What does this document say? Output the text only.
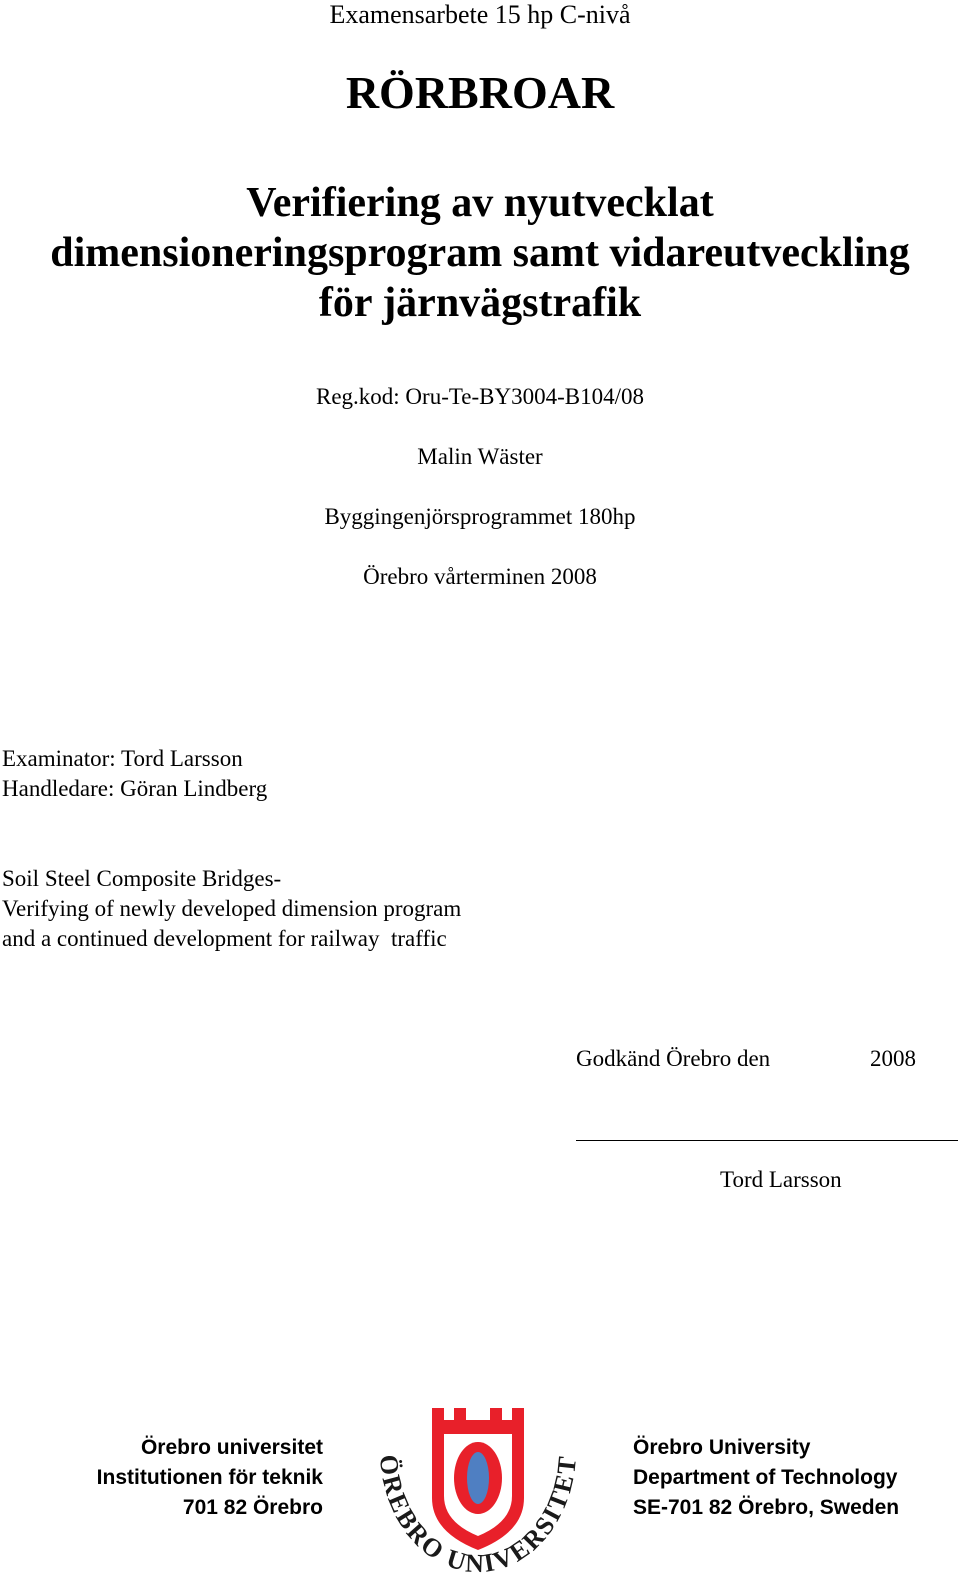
Examensarbete 15 hp C-nivå
RÖRBROAR
Verifiering av nyutvecklat
dimensioneringsprogram samt vidareutveckling
för järnvägstrafik
Reg.kod: Oru-Te-BY3004-B104/08
Malin Wäster
Byggingenjörsprogrammet 180hp
Örebro vårterminen 2008
Examinator: Tord Larsson
Handledare: Göran Lindberg
Soil Steel Composite Bridges-
Verifying of newly developed dimension program
and a continued development for railway  traffic
Godkänd Örebro den	2008
Tord Larsson
Örebro universitet
Institutionen för teknik
701 82 Örebro
Örebro University
Department of Technology
SE-701 82 Örebro, Sweden
ÖREBRO UNIVERSITET
